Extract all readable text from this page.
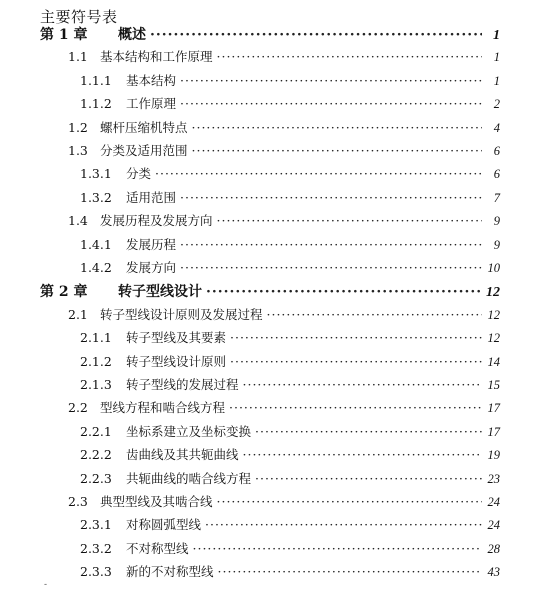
主要符号表
第 1 章	概述 ·····	1
1.1 基本结构和工作原理 ·····	1
1.1.1	基本结构 ·····	1
1.1.2	工作原理 ·····	2
1.2 螺杆压缩机特点 ·····	4
1.3 分类及适用范围 ·····	6
1.3.1	分类 ·····	6
1.3.2	适用范围 ·····	7
1.4 发展历程及发展方向 ·····	9
1.4.1	发展历程 ·····	9
1.4.2	发展方向 ·····	10
第 2 章	转子型线设计 ·····	12
2.1 转子型线设计原则及发展过程 ·····	12
2.1.1	转子型线及其要素 ·····	12
2.1.2	转子型线设计原则 ·····	14
2.1.3	转子型线的发展过程 ·····	15
2.2 型线方程和啮合线方程 ·····	17
2.2.1	坐标系建立及坐标变换 ·····	17
2.2.2	齿曲线及其共轭曲线 ·····	19
2.2.3	共轭曲线的啮合线方程 ·····	23
2.3 典型型线及其啮合线 ·····	24
2.3.1	对称圆弧型线 ·····	24
2.3.2	不对称型线 ·····	28
2.3.3	新的不对称型线 ·····	43
-
